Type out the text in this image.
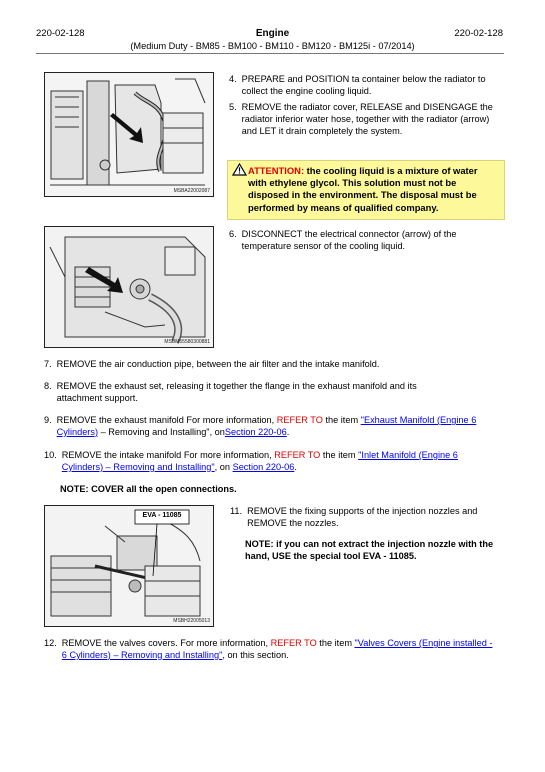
220-02-128	Engine	220-02-128
(Medium Duty - BM85 - BM100 - BM110 - BM120 - BM125i - 07/2014)
MSBA22002087
4. PREPARE and POSITION ta container below the radiator to collect the engine cooling liquid.
5. REMOVE the radiator cover, RELEASE and DISENGAGE the radiator inferior water hose, together with the radiator (arrow) and LET it drain completely the system.
ATTENTION: the cooling liquid is a mixture of water with ethylene glycol. This solution must not be disposed in the environment. The disposal must be performed by means of qualified company.
MSBM55580300881
6. DISCONNECT the electrical connector (arrow) of the temperature sensor of the cooling liquid.
7. REMOVE the air conduction pipe, between the air filter and the intake manifold.
8. REMOVE the exhaust set, releasing it together the flange in the exhaust manifold and its attachment support.
9. REMOVE the exhaust manifold For more information, REFER TO the item "Exhaust Manifold (Engine 6 Cylinders) – Removing and Installing", onSection 220-06.
10. REMOVE the intake manifold For more information, REFER TO the item "Inlet Manifold (Engine 6 Cylinders) – Removing and Installing", on Section 220-06.
NOTE: COVER all the open connections.
EVA - 11085
MSBH22005013
11. REMOVE the fixing supports of the injection nozzles and REMOVE the nozzles.
NOTE: if you can not extract the injection nozzle with the hand, USE the special tool EVA - 11085.
12. REMOVE the valves covers. For more information, REFER TO the item "Valves Covers (Engine installed - 6 Cylinders) – Removing and Installing", on this section.
